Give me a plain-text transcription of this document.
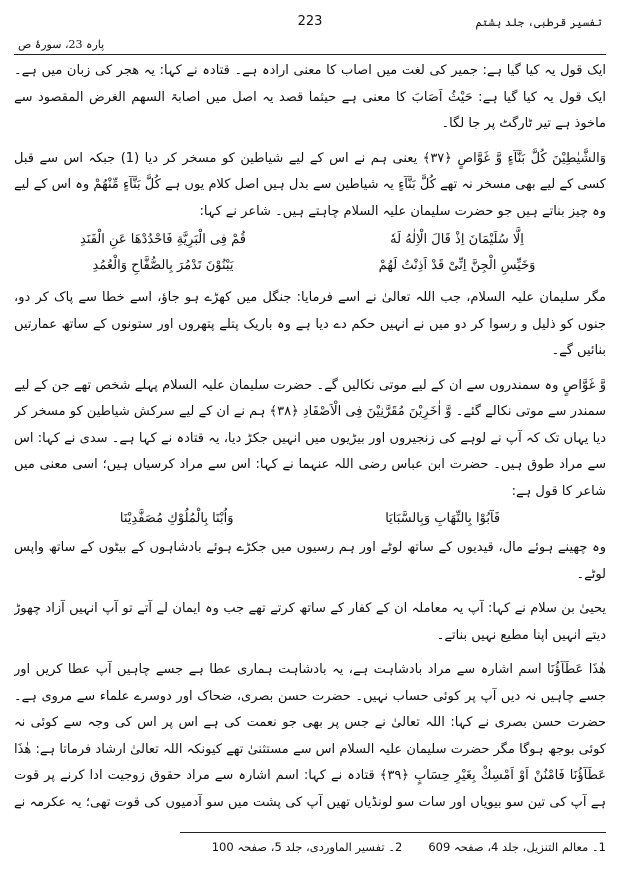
تفسیر قرطبی، جلد ہشتم
223
پارہ 23، سورۂ ص

ایک قول یہ کیا گیا ہے: جمیر کی لغت میں اصاب کا معنی ارادہ ہے۔ قتادہ نے کہا: یہ ھجر کی زبان میں ہے۔ ایک قول یہ کیا گیا ہے: حَیْثُ اَصَابَ کا معنی ہے حیثما قصد یہ اصل میں اصابۃ السھم الغرض المقصود سے ماخوذ ہے تیر ٹارگٹ پر جا لگا۔

وَالشَّیٰطِیْنَ کُلَّ بَنَّآءٍ وَّ غَوَّاصٍ ﴿٣٧﴾ یعنی ہم نے اس کے لیے شیاطین کو مسخر کر دیا (1) جبکہ اس سے قبل کسی کے لیے بھی مسخر نہ تھے کُلَّ بَنَّآءٍ یہ شیاطین سے بدل ہیں اصل کلام یوں ہے کُلَّ بَنَّآءٍ مِّنْهُمْ وہ اس کے لیے وہ چیز بناتے ہیں جو حضرت سلیمان علیہ السلام چاہتے ہیں۔ شاعر نے کہا:

اِلَّا سُلَیْمَانَ اِذْ قَالَ الْاِلٰهُ لَهٗ
قُمْ فِی الْبَرِیَّةِ فَاحْدُدْهَا عَنِ الْفَنَدِ
وَخَیِّسِ الْجِنَّ اِنِّیْ قَدْ اَذِنْتُ لَهُمْ
یَبْنُوْنَ تَدْمُرَ بِالصُّفَّاحِ وَالْعُمُدِ

مگر سلیمان علیہ السلام، جب اللہ تعالیٰ نے اسے فرمایا: جنگل میں کھڑے ہو جاؤ، اسے خطا سے پاک کر دو، جنوں کو ذلیل و رسوا کر دو میں نے انہیں حکم دے دیا ہے وہ باریک پتلے پتھروں اور ستونوں کے ساتھ عمارتیں بنائیں گے۔

وَّ غَوَّاصٍ وہ سمندروں سے ان کے لیے موتی نکالیں گے۔ حضرت سلیمان علیہ السلام پہلے شخص تھے جن کے لیے سمندر سے موتی نکالے گئے۔ وَّ اٰخَرِیْنَ مُقَرَّنِیْنَ فِی الْاَصْفَادِ ﴿٣٨﴾ ہم نے ان کے لیے سرکش شیاطین کو مسخر کر دیا یہاں تک کہ آپ نے لوہے کی زنجیروں اور بیڑیوں میں انہیں جکڑ دیا، یہ قتادہ نے کہا ہے۔ سدی نے کہا: اس سے مراد طوق ہیں۔ حضرت ابن عباس رضی اللہ عنہما نے کہا: اس سے مراد کرسیاں ہیں؛ اسی معنی میں شاعر کا قول ہے:

فَآبُوْا بِالنِّهَابِ وَبِالسَّبَایَا
وَاُبْنَا بِالْمُلُوْكِ مُصَفَّدِیْنَا

وہ چھینے ہوئے مال، قیدیوں کے ساتھ لوٹے اور ہم رسیوں میں جکڑے ہوئے بادشاہوں کے بیٹوں کے ساتھ واپس لوٹے۔

یحییٰ بن سلام نے کہا: آپ یہ معاملہ ان کے کفار کے ساتھ کرتے تھے جب وہ ایمان لے آتے تو آپ انہیں آزاد چھوڑ دیتے انہیں اپنا مطیع نہیں بناتے۔

هٰذَا عَطَآؤُنَا اسم اشارہ سے مراد بادشاہت ہے، یہ بادشاہت ہماری عطا ہے جسے چاہیں آپ عطا کریں اور جسے چاہیں نہ دیں آپ پر کوئی حساب نہیں۔ حضرت حسن بصری، ضحاک اور دوسرے علماء سے مروی ہے۔ حضرت حسن بصری نے کہا: اللہ تعالیٰ نے جس پر بھی جو نعمت کی ہے اس پر اس کی وجہ سے کوئی نہ کوئی بوجھ ہوگا مگر حضرت سلیمان علیہ السلام اس سے مستثنیٰ تھے کیونکہ اللہ تعالیٰ ارشاد فرماتا ہے: هٰذَا عَطَآؤُنَا فَامْنُنْ اَوْ اَمْسِكْ بِغَیْرِ حِسَابٍ ﴿٣٩﴾ قتادہ نے کہا: اسم اشارہ سے مراد حقوق زوجیت ادا کرنے پر قوت ہے آپ کی تین سو بیویاں اور سات سو لونڈیاں تھیں آپ کی پشت میں سو آدمیوں کی قوت تھی؛ یہ عکرمہ نے

1۔ معالم التنزیل، جلد 4، صفحہ 609
2۔ تفسیر الماوردی، جلد 5، صفحہ 100
